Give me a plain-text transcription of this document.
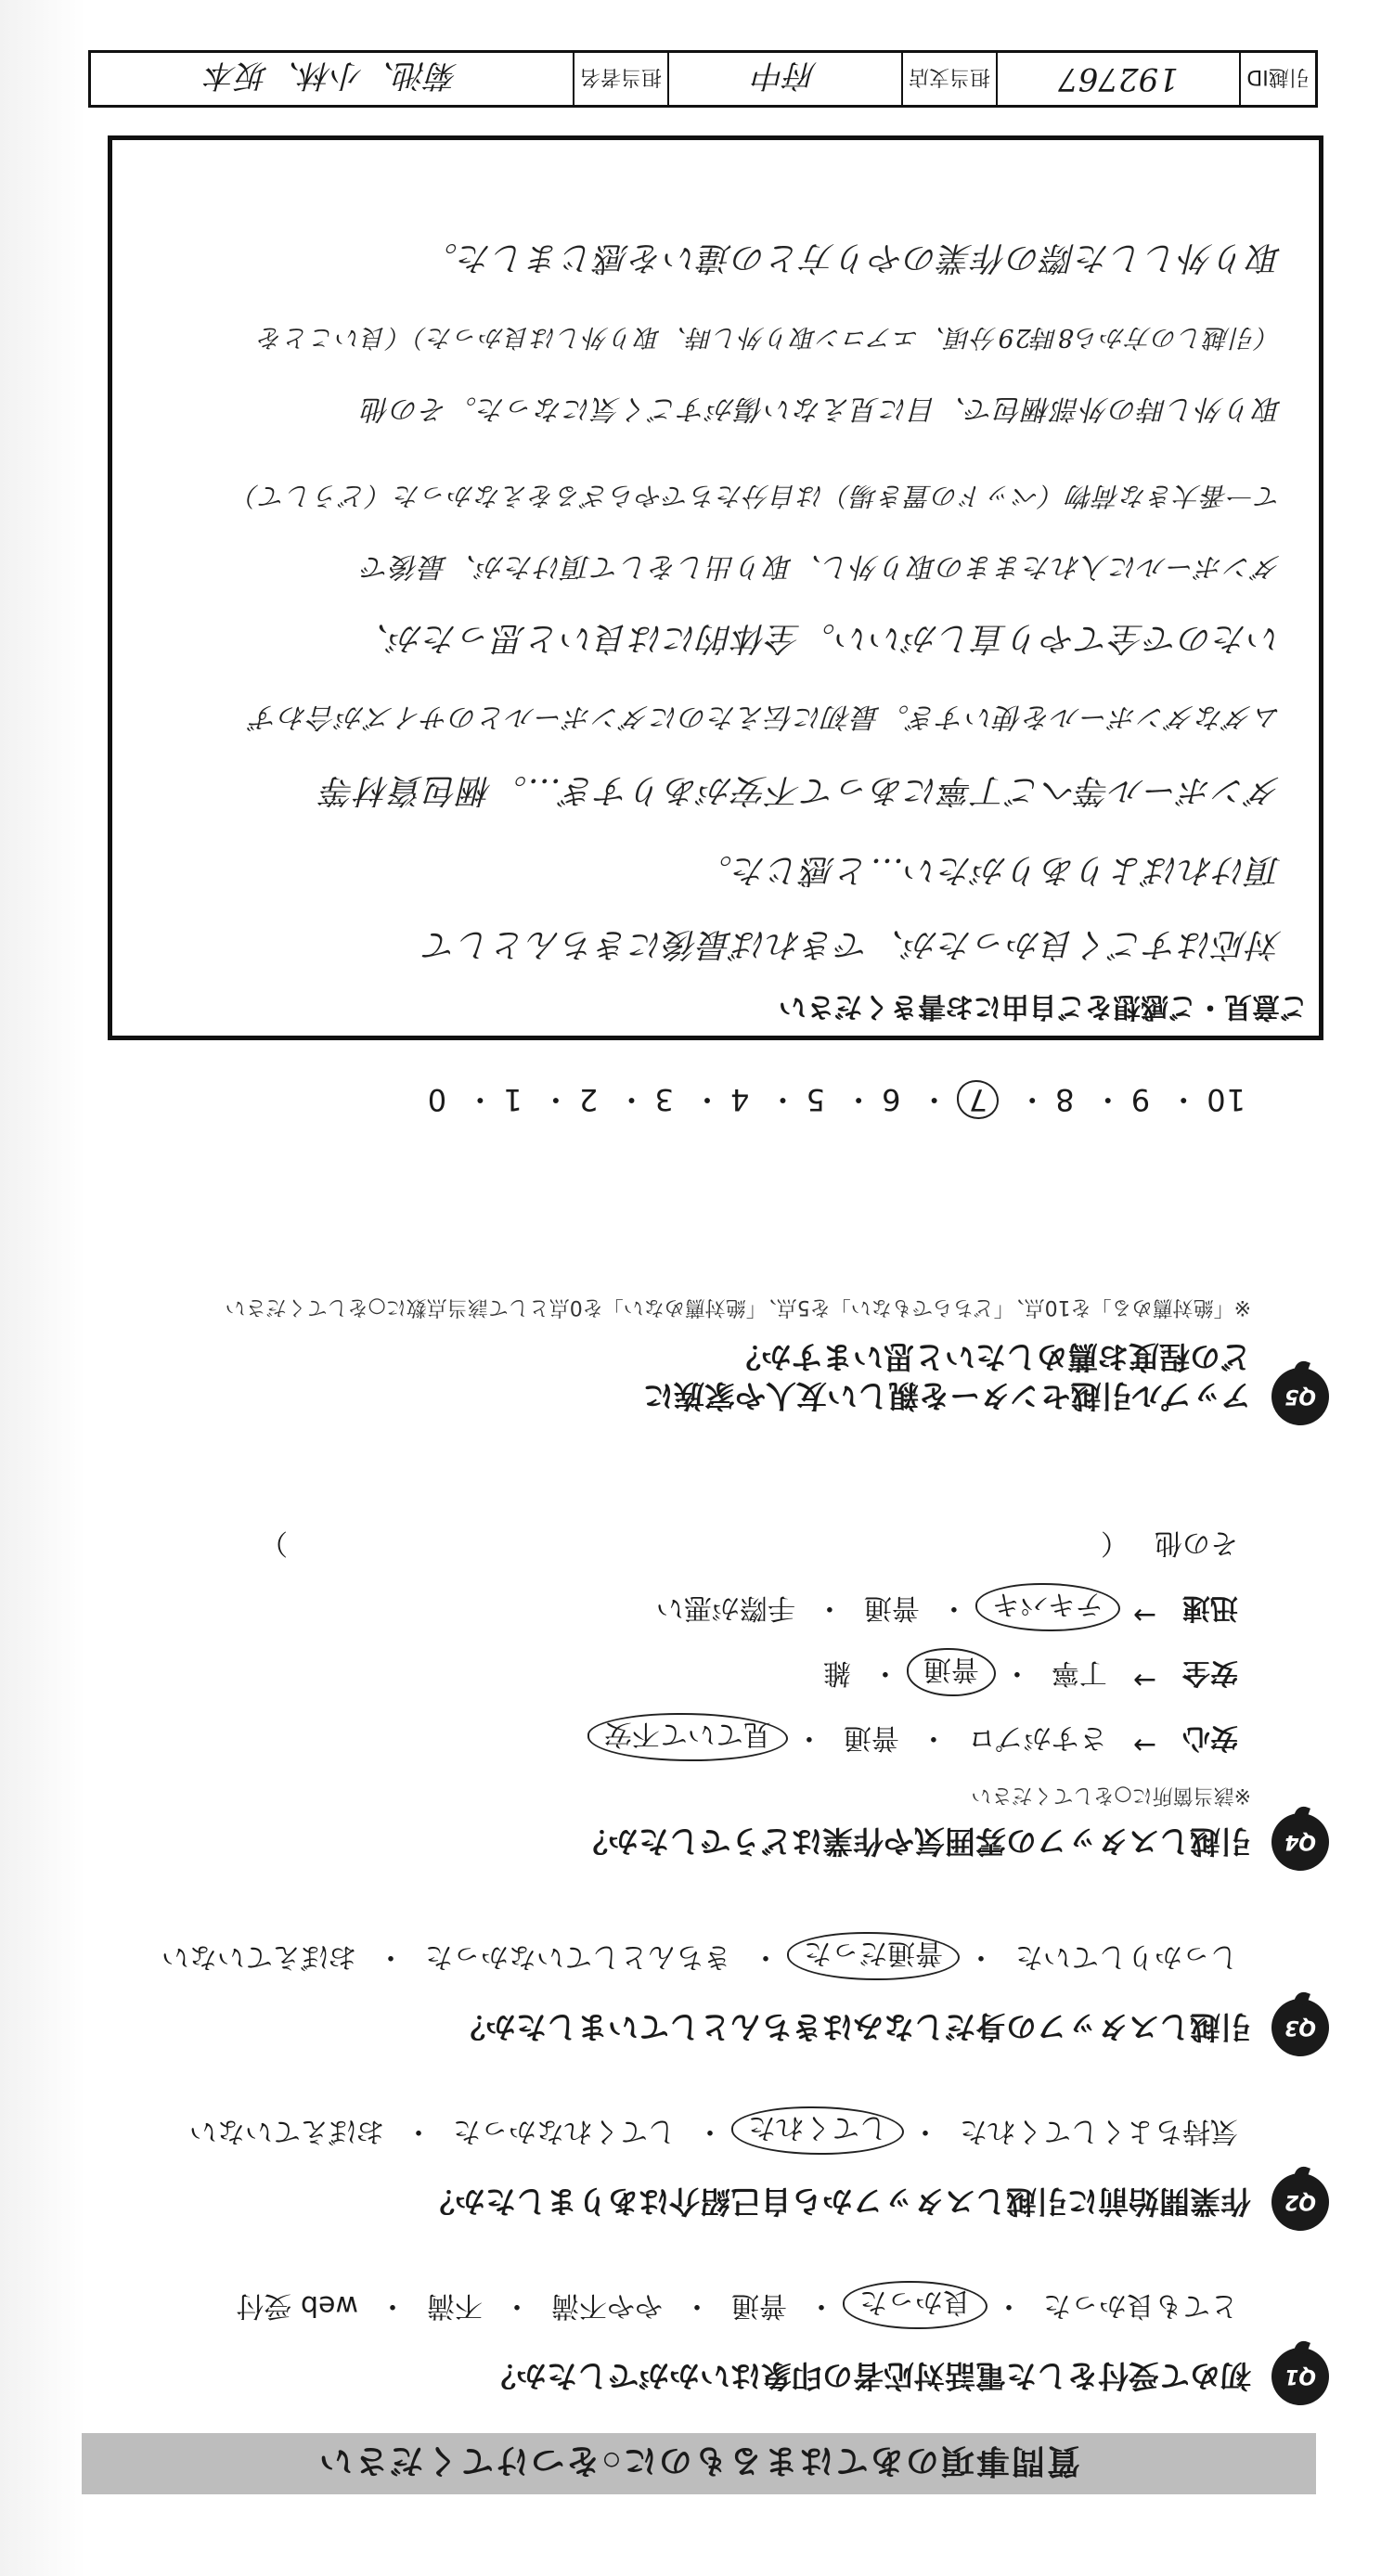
質問事項のあてはまるものに○をつけてください
Q1
初めて受付をした電話対応者の印象はいかがでしたか？
とても良かった
・
良かった
・
普通
・
やや不満
・
不満
・
web 受付
Q2
作業開始前に引越しスタッフから自己紹介はありましたか？
気持ちよくしてくれた
・
してくれた
・
してくれなかった
・
おぼえていない
Q3
引越しスタッフの身だしなみはきちんとしていましたか？
しっかりしていた
・
普通だった
・
きちんとしていなかった
・
おぼえていない
Q4
引越しスタッフの雰囲気や作業はどうでしたか？
※該当箇所に○をしてください
安心
→
さすがプロ
・
普通
・
見ていて不安
安全
→
丁寧
・
普通
・
雑
迅速
→
テキパキ
・
普通
・
手際が悪い
その他
（
）
Q5
アップル引越センターを親しい友人や家族に
どの程度お薦めしたいと思いますか？
※「絶対薦める」を10点、「どちらでもない」を5点、「絶対薦めない」を0点として該当点数に○をしてください
10・ 9・ 8・ 7・ 6・ 5・ 4・ 3・ 2・ 1・ 0
ご意見・ご感想をご自由にお書きください
対応はすごく良かったが、できれば最後にきちんとして
頂ければよりありがたい…と感じた。
ダンボール等へご丁寧にあって不安がありすぎ…。梱包資材等
ムダなダンボールを使いすぎ。最初に伝えたのにダンボールとのサイズが合わず
いたので全てやり直しがいい。全体的には良いと思ったが、
ダンボールに入れたままの取り外し、取り出しをして頂けたが、最後で
て一番大きな荷物（ベッドの置き場）は自分たちでやらざるをえなかった（どうして）
取り外し時の外部梱包で、目に見えない傷がすごく気になった。その他
（引越しの方から8時29分頃、エアコン取り外し時、取り外しは良かった）（良いことを
取り外しした際の作業のやり方との違いを感じました。
引越ID
192767
担当支店
府中
担当者名
菊池、小林、坂本
